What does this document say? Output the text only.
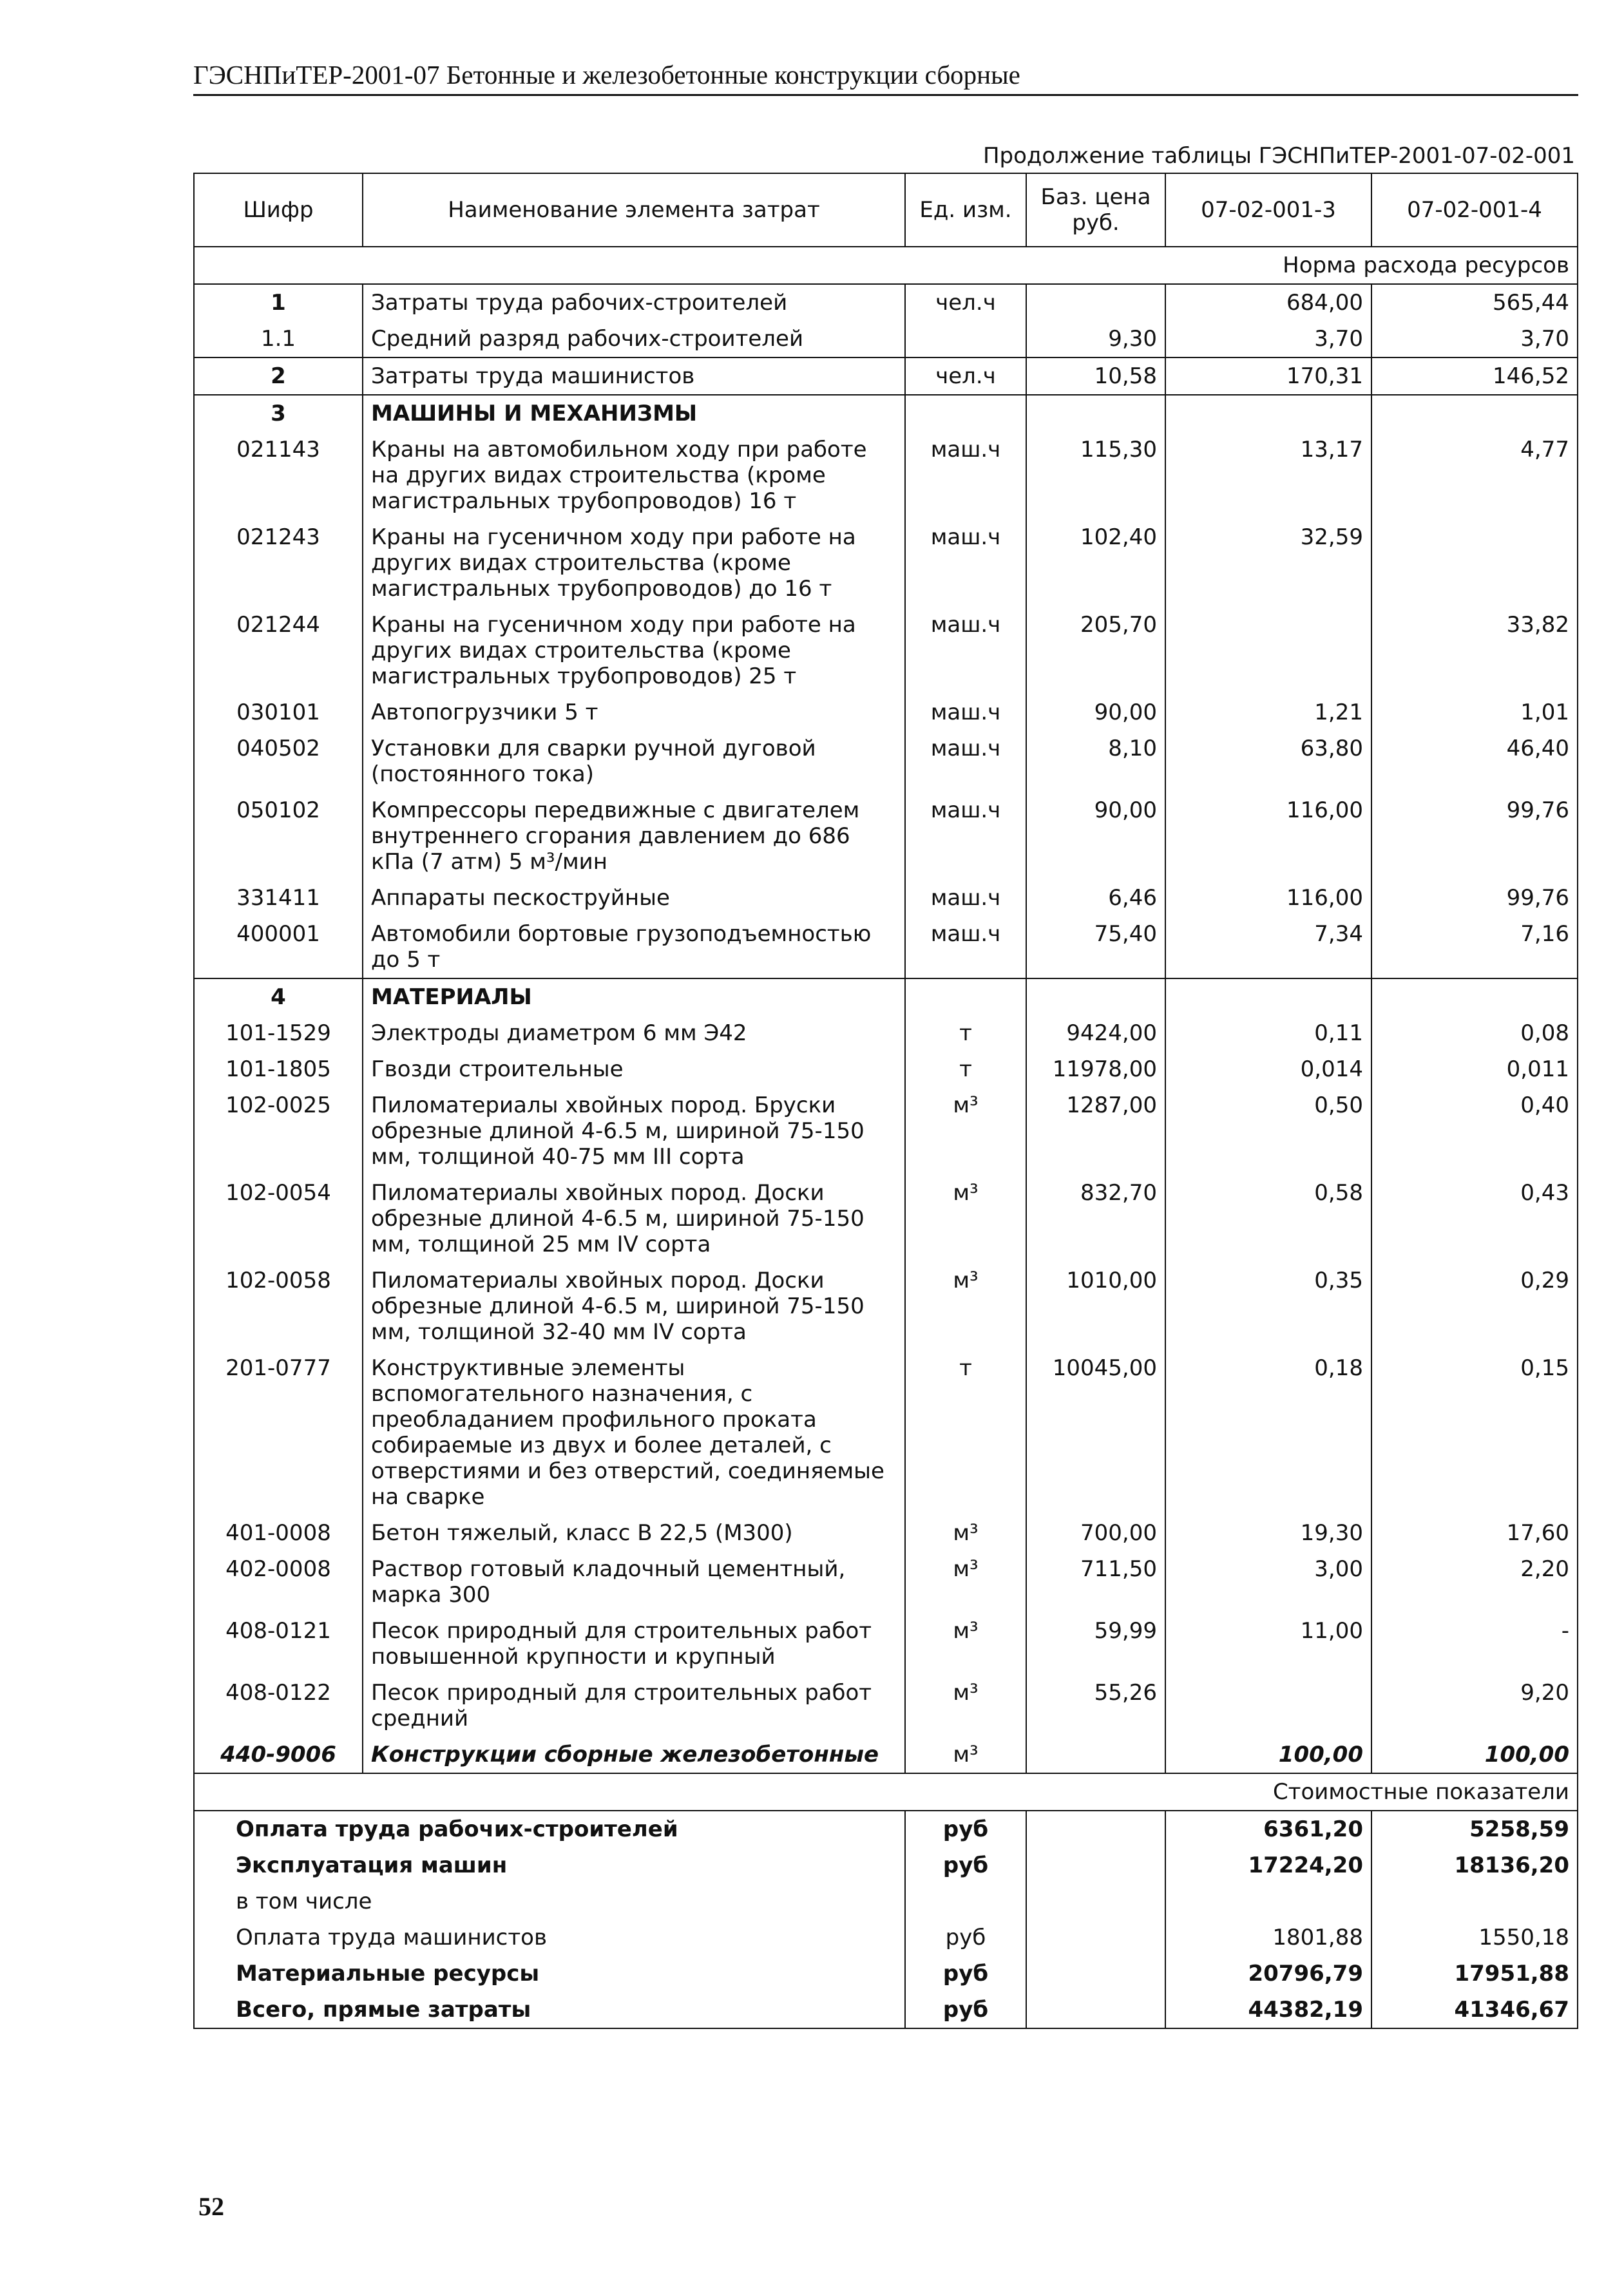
ГЭСНПиТЕР-2001-07 Бетонные и железобетонные конструкции сборные
Продолжение таблицы ГЭСНПиТЕР-2001-07-02-001
Шифр	Наименование элемента затрат	Ед. изм.	Баз. цена руб.	07-02-001-3	07-02-001-4
Норма расхода ресурсов					
1	Затраты труда рабочих-строителей	чел.ч		684,00	565,44
1.1	Средний разряд рабочих-строителей		9,30	3,70	3,70
2	Затраты труда машинистов	чел.ч	10,58	170,31	146,52
3	МАШИНЫ И МЕХАНИЗМЫ				
021143	Краны на автомобильном ходу при работе на других видах строительства (кроме магистральных трубопроводов) 16 т	маш.ч	115,30	13,17	4,77
021243	Краны на гусеничном ходу при работе на других видах строительства (кроме магистральных трубопроводов) до 16 т	маш.ч	102,40	32,59	
021244	Краны на гусеничном ходу при работе на других видах строительства (кроме магистральных трубопроводов) 25 т	маш.ч	205,70		33,82
030101	Автопогрузчики 5 т	маш.ч	90,00	1,21	1,01
040502	Установки для сварки ручной дуговой (постоянного тока)	маш.ч	8,10	63,80	46,40
050102	Компрессоры передвижные с двигателем внутреннего сгорания давлением до 686 кПа (7 атм) 5 м³/мин	маш.ч	90,00	116,00	99,76
331411	Аппараты пескоструйные	маш.ч	6,46	116,00	99,76
400001	Автомобили бортовые грузоподъемностью до 5 т	маш.ч	75,40	7,34	7,16
4	МАТЕРИАЛЫ				
101-1529	Электроды диаметром 6 мм Э42	т	9424,00	0,11	0,08
101-1805	Гвозди строительные	т	11978,00	0,014	0,011
102-0025	Пиломатериалы хвойных пород. Бруски обрезные длиной 4-6.5 м, шириной 75-150 мм, толщиной 40-75 мм III сорта	м³	1287,00	0,50	0,40
102-0054	Пиломатериалы хвойных пород. Доски обрезные длиной 4-6.5 м, шириной 75-150 мм, толщиной 25 мм IV сорта	м³	832,70	0,58	0,43
102-0058	Пиломатериалы хвойных пород. Доски обрезные длиной 4-6.5 м, шириной 75-150 мм, толщиной 32-40 мм IV сорта	м³	1010,00	0,35	0,29
201-0777	Конструктивные элементы вспомогательного назначения, с преобладанием профильного проката собираемые из двух и более деталей, с отверстиями и без отверстий, соединяемые на сварке	т	10045,00	0,18	0,15
401-0008	Бетон тяжелый, класс В 22,5 (М300)	м³	700,00	19,30	17,60
402-0008	Раствор готовый кладочный цементный, марка 300	м³	711,50	3,00	2,20
408-0121	Песок природный для строительных работ повышенной крупности и крупный	м³	59,99	11,00	-
408-0122	Песок природный для строительных работ средний	м³	55,26		9,20
440-9006	Конструкции сборные железобетонные	м³		100,00	100,00
Стоимостные показатели					
Оплата труда рабочих-строителей		руб		6361,20	5258,59
Эксплуатация машин		руб		17224,20	18136,20
в том числе					
Оплата труда машинистов		руб		1801,88	1550,18
Материальные ресурсы		руб		20796,79	17951,88
Всего, прямые затраты		руб		44382,19	41346,67
52
